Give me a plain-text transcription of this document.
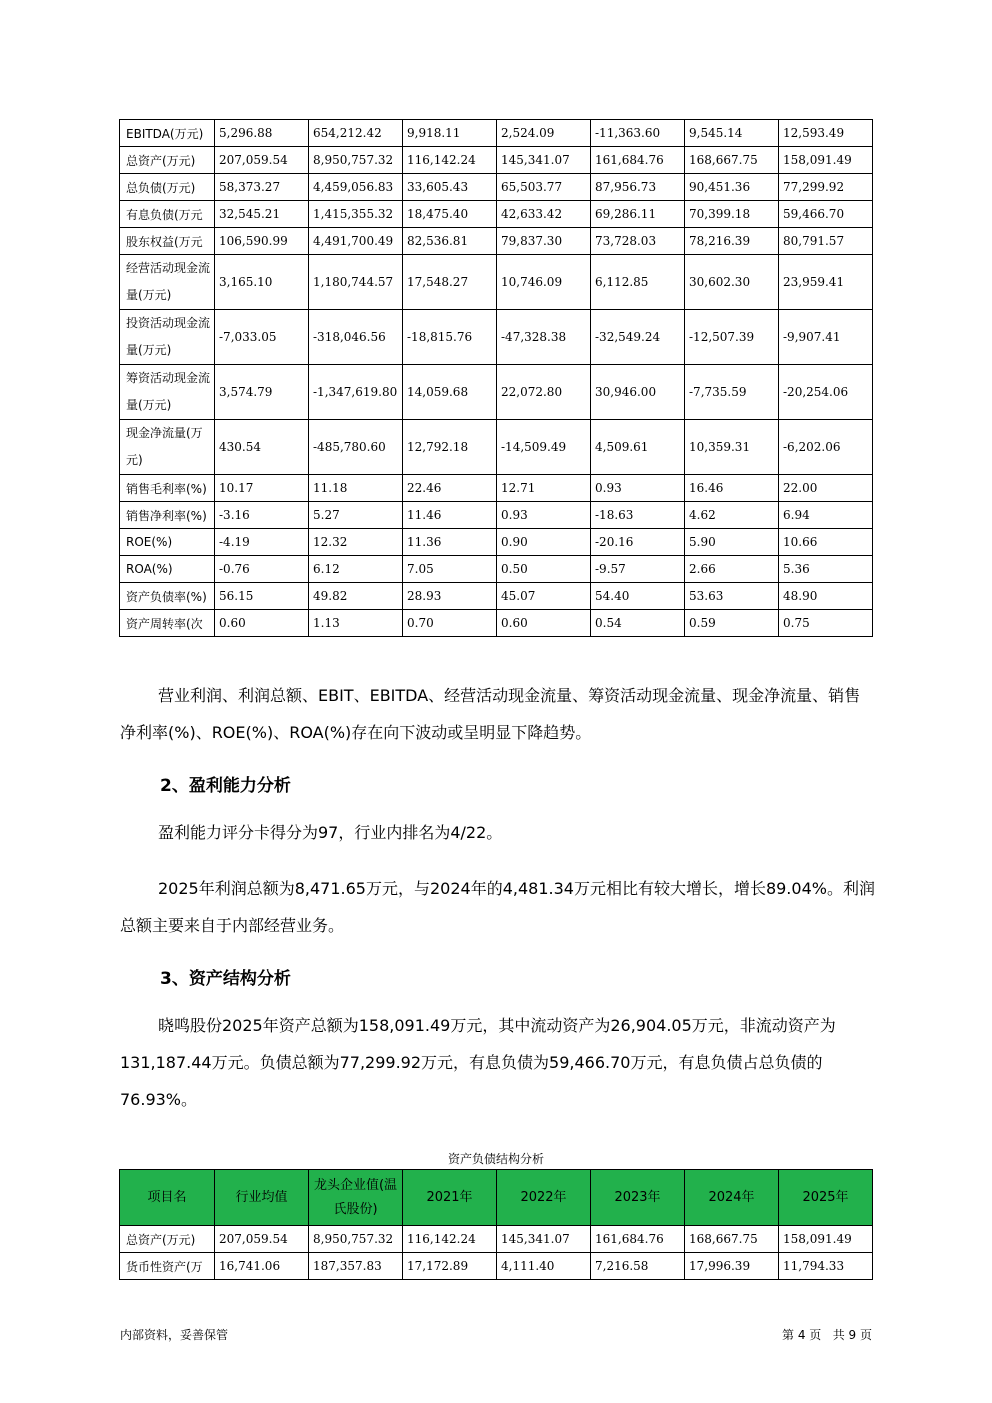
EBITDA(万元)	5,296.88	654,212.42	9,918.11	2,524.09	-11,363.60	9,545.14	12,593.49
总资产(万元)	207,059.54	8,950,757.32	116,142.24	145,341.07	161,684.76	168,667.75	158,091.49
总负债(万元)	58,373.27	4,459,056.83	33,605.43	65,503.77	87,956.73	90,451.36	77,299.92
有息负债(万元	32,545.21	1,415,355.32	18,475.40	42,633.42	69,286.11	70,399.18	59,466.70
股东权益(万元	106,590.99	4,491,700.49	82,536.81	79,837.30	73,728.03	78,216.39	80,791.57
经营活动现金流量(万元)	3,165.10	1,180,744.57	17,548.27	10,746.09	6,112.85	30,602.30	23,959.41
投资活动现金流量(万元)	-7,033.05	-318,046.56	-18,815.76	-47,328.38	-32,549.24	-12,507.39	-9,907.41
筹资活动现金流量(万元)	3,574.79	-1,347,619.80	14,059.68	22,072.80	30,946.00	-7,735.59	-20,254.06
现金净流量(万元)	430.54	-485,780.60	12,792.18	-14,509.49	4,509.61	10,359.31	-6,202.06
销售毛利率(%)	10.17	11.18	22.46	12.71	0.93	16.46	22.00
销售净利率(%)	-3.16	5.27	11.46	0.93	-18.63	4.62	6.94
ROE(%)	-4.19	12.32	11.36	0.90	-20.16	5.90	10.66
ROA(%)	-0.76	6.12	7.05	0.50	-9.57	2.66	5.36
资产负债率(%)	56.15	49.82	28.93	45.07	54.40	53.63	48.90
资产周转率(次	0.60	1.13	0.70	0.60	0.54	0.59	0.75

营业利润、利润总额、EBIT、EBITDA、经营活动现金流量、筹资活动现金流量、现金净流量、销售净利率(%)、ROE(%)、ROA(%)存在向下波动或呈明显下降趋势。

2、盈利能力分析

盈利能力评分卡得分为97，行业内排名为4/22。

2025年利润总额为8,471.65万元，与2024年的4,481.34万元相比有较大增长，增长89.04%。利润总额主要来自于内部经营业务。

3、资产结构分析

晓鸣股份2025年资产总额为158,091.49万元，其中流动资产为26,904.05万元，非流动资产为131,187.44万元。负债总额为77,299.92万元，有息负债为59,466.70万元，有息负债占总负债的76.93%。

资产负债结构分析
项目名	行业均值	龙头企业值(温氏股份)	2021年	2022年	2023年	2024年	2025年
总资产(万元)	207,059.54	8,950,757.32	116,142.24	145,341.07	161,684.76	168,667.75	158,091.49
货币性资产(万	16,741.06	187,357.83	17,172.89	4,111.40	7,216.58	17,996.39	11,794.33
内部资料，妥善保管	第 4 页   共 9 页
